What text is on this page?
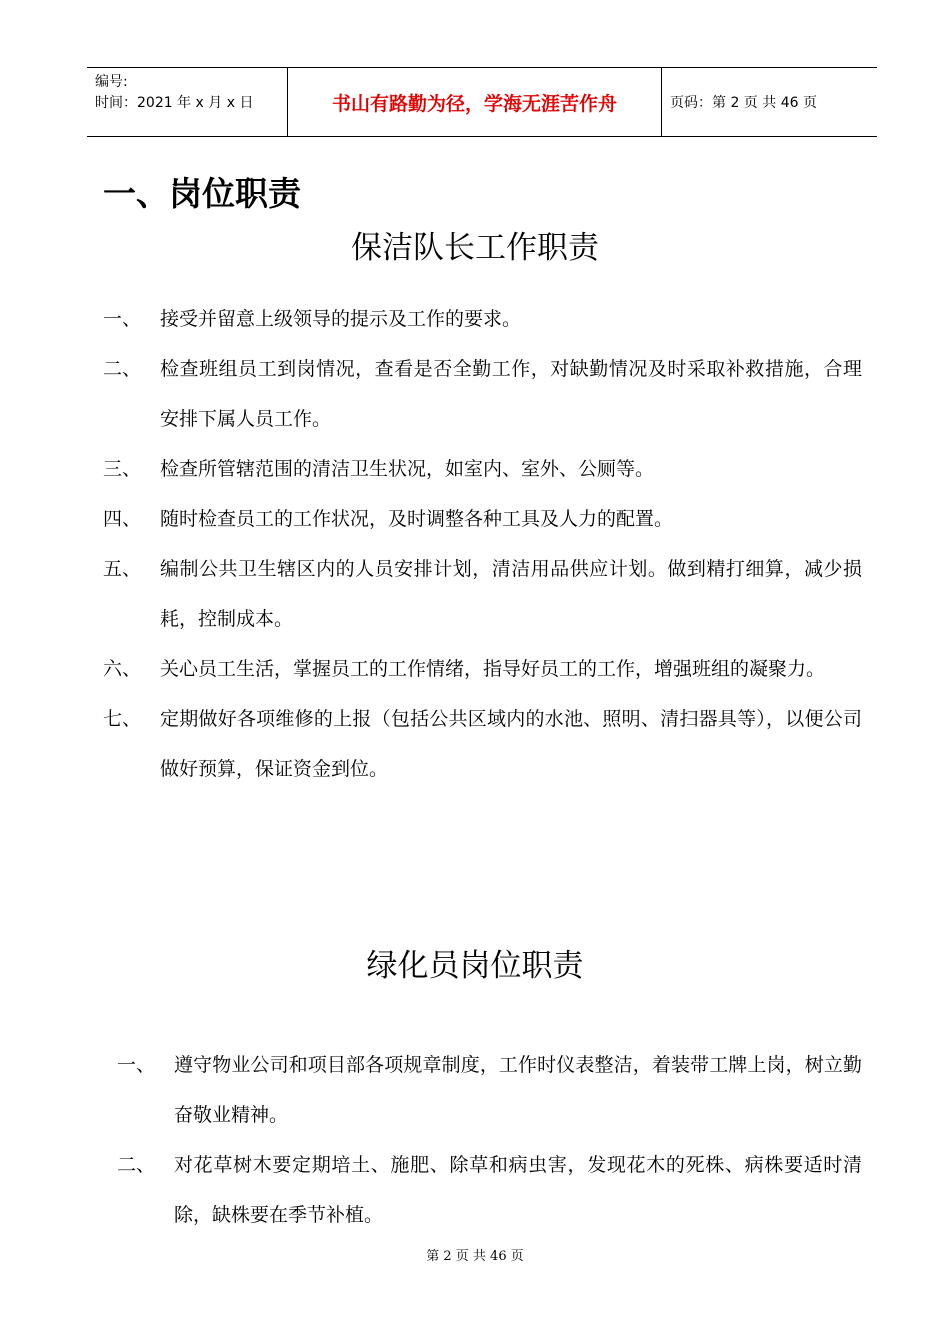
编号:
时间：2021 年 x 月 x 日	书山有路勤为径，学海无涯苦作舟	页码：第 2 页 共 46 页
一、岗位职责
保洁队长工作职责
一、 接受并留意上级领导的提示及工作的要求。
二、 检查班组员工到岗情况，查看是否全勤工作，对缺勤情况及时采取补救措施，合理安排下属人员工作。
三、 检查所管辖范围的清洁卫生状况，如室内、室外、公厕等。
四、 随时检查员工的工作状况，及时调整各种工具及人力的配置。
五、 编制公共卫生辖区内的人员安排计划，清洁用品供应计划。做到精打细算，减少损耗，控制成本。
六、 关心员工生活，掌握员工的工作情绪，指导好员工的工作，增强班组的凝聚力。
七、 定期做好各项维修的上报（包括公共区域内的水池、照明、清扫器具等），以便公司做好预算，保证资金到位。
绿化员岗位职责
一、 遵守物业公司和项目部各项规章制度，工作时仪表整洁，着装带工牌上岗，树立勤奋敬业精神。
二、 对花草树木要定期培土、施肥、除草和病虫害，发现花木的死株、病株要适时清除，缺株要在季节补植。
第 2 页 共 46 页
